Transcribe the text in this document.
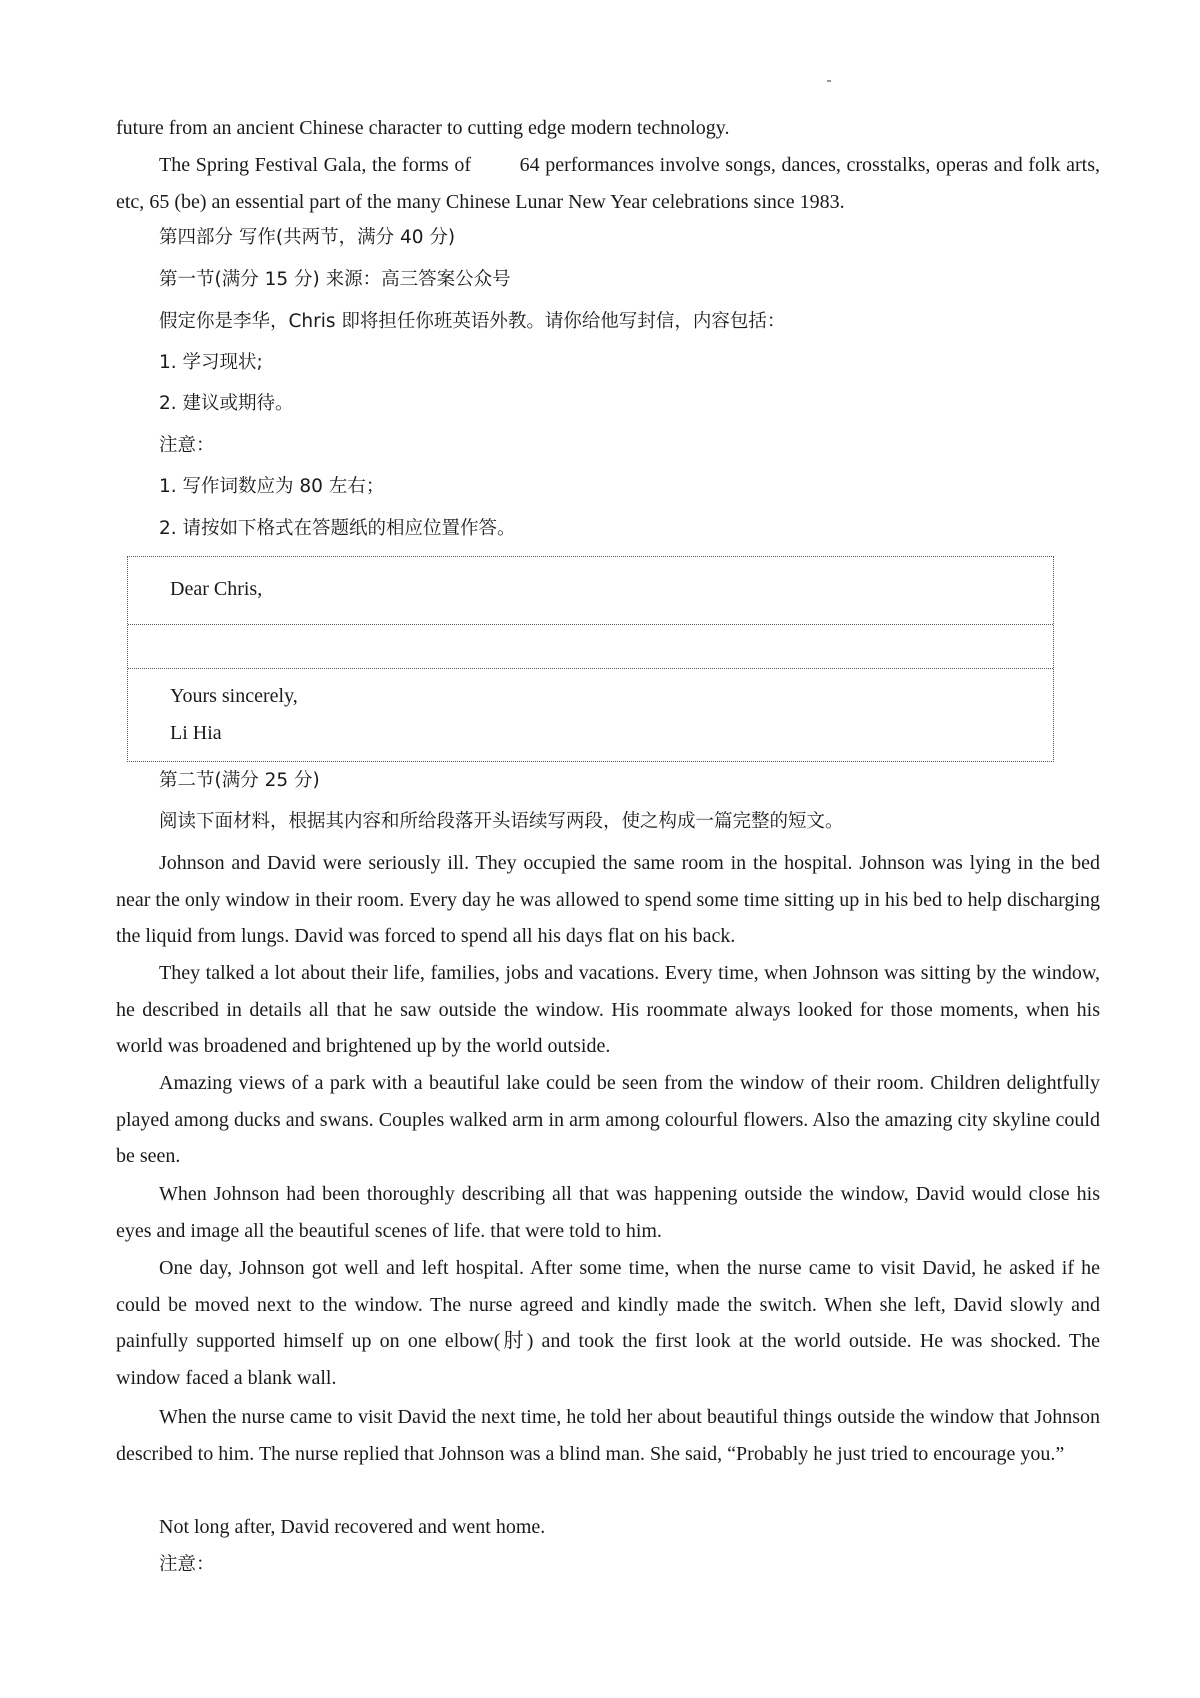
future from an ancient Chinese character to cutting edge modern technology.

The Spring Festival Gala, the forms of 64 performances involve songs, dances, crosstalks, operas and folk arts, etc, 65 (be) an essential part of the many Chinese Lunar New Year celebrations since 1983.

第四部分 写作(共两节，满分 40 分)

第一节(满分 15 分) 来源：高三答案公众号

假定你是李华，Chris 即将担任你班英语外教。请你给他写封信，内容包括：

1. 学习现状;

2. 建议或期待。

注意：

1. 写作词数应为 80 左右；

2. 请按如下格式在答题纸的相应位置作答。

Dear Chris,
Yours sincerely,
Li Hia

第二节(满分 25 分)

阅读下面材料，根据其内容和所给段落开头语续写两段，使之构成一篇完整的短文。

Johnson and David were seriously ill. They occupied the same room in the hospital. Johnson was lying in the bed near the only window in their room. Every day he was allowed to spend some time sitting up in his bed to help discharging the liquid from lungs. David was forced to spend all his days flat on his back.

They talked a lot about their life, families, jobs and vacations. Every time, when Johnson was sitting by the window, he described in details all that he saw outside the window. His roommate always looked for those moments, when his world was broadened and brightened up by the world outside.

Amazing views of a park with a beautiful lake could be seen from the window of their room. Children delightfully played among ducks and swans. Couples walked arm in arm among colourful flowers. Also the amazing city skyline could be seen.

When Johnson had been thoroughly describing all that was happening outside the window, David would close his eyes and image all the beautiful scenes of life. that were told to him.

One day, Johnson got well and left hospital. After some time, when the nurse came to visit David, he asked if he could be moved next to the window. The nurse agreed and kindly made the switch. When she left, David slowly and painfully supported himself up on one elbow(肘) and took the first look at the world outside. He was shocked. The window faced a blank wall.

When the nurse came to visit David the next time, he told her about beautiful things outside the window that Johnson described to him. The nurse replied that Johnson was a blind man. She said, “Probably he just tried to encourage you.”

Not long after, David recovered and went home.

注意：
